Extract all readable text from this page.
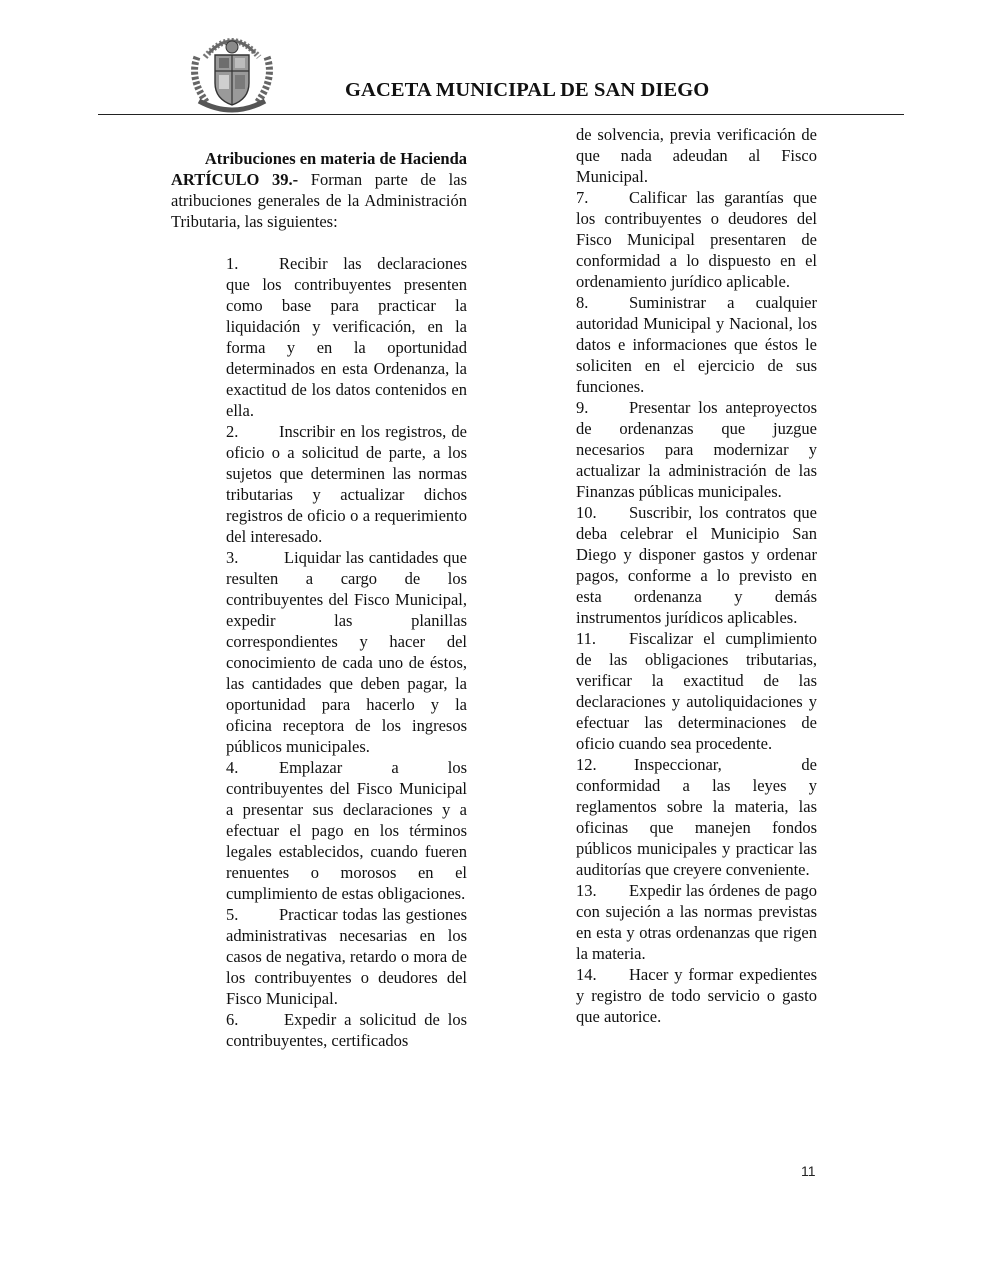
GACETA MUNICIPAL DE SAN DIEGO

Atribuciones en materia de Hacienda

ARTÍCULO 39.- Forman parte de las atribuciones generales de la Administración Tributaria, las siguientes:

1. Recibir las declaraciones que los contribuyentes presenten como base para practicar la liquidación y verificación, en la forma y en la oportunidad determinados en esta Ordenanza, la exactitud de los datos contenidos en ella.

2. Inscribir en los registros, de oficio o a solicitud de parte, a los sujetos que determinen las normas tributarias y actualizar dichos registros de oficio o a requerimiento del interesado.

3.	Liquidar las cantidades que resulten a cargo de los contribuyentes del Fisco Municipal, expedir las planillas correspondientes y hacer del conocimiento de cada uno de éstos, las cantidades que deben pagar, la oportunidad para hacerlo y la oficina receptora de los ingresos públicos municipales.

4. Emplazar a los contribuyentes del Fisco Municipal a presentar sus declaraciones y a efectuar el pago en los términos legales establecidos, cuando fueren renuentes o morosos en el cumplimiento de estas obligaciones.

5. Practicar todas las gestiones administrativas necesarias en los casos de negativa, retardo o mora de los contribuyentes o deudores del Fisco Municipal.

6.	Expedir a solicitud de los contribuyentes, certificados

de solvencia, previa verificación de que nada adeudan al Fisco Municipal.

7. Calificar las garantías que los contribuyentes o deudores del Fisco Municipal presentaren de conformidad a lo dispuesto en el ordenamiento jurídico aplicable.

8. Suministrar a cualquier autoridad Municipal y Nacional, los datos e informaciones que éstos le soliciten en el ejercicio de sus funciones.

9. Presentar los anteproyectos de ordenanzas que juzgue necesarios para modernizar y actualizar la administración de las Finanzas públicas municipales.

10. Suscribir, los contratos que deba celebrar el Municipio San Diego y disponer gastos y ordenar pagos, conforme a lo previsto en esta ordenanza y demás instrumentos jurídicos aplicables.

11. Fiscalizar el cumplimiento de las obligaciones tributarias, verificar la exactitud de las declaraciones y autoliquidaciones y efectuar las determinaciones de oficio cuando sea procedente.

12. Inspeccionar, de conformidad a las leyes y reglamentos sobre la materia, las oficinas que manejen fondos públicos municipales y practicar las auditorías que creyere conveniente.

13. Expedir las órdenes de pago con sujeción a las normas previstas en esta y otras ordenanzas que rigen la materia.

14. Hacer y formar expedientes y registro de todo servicio o gasto que autorice.

11
